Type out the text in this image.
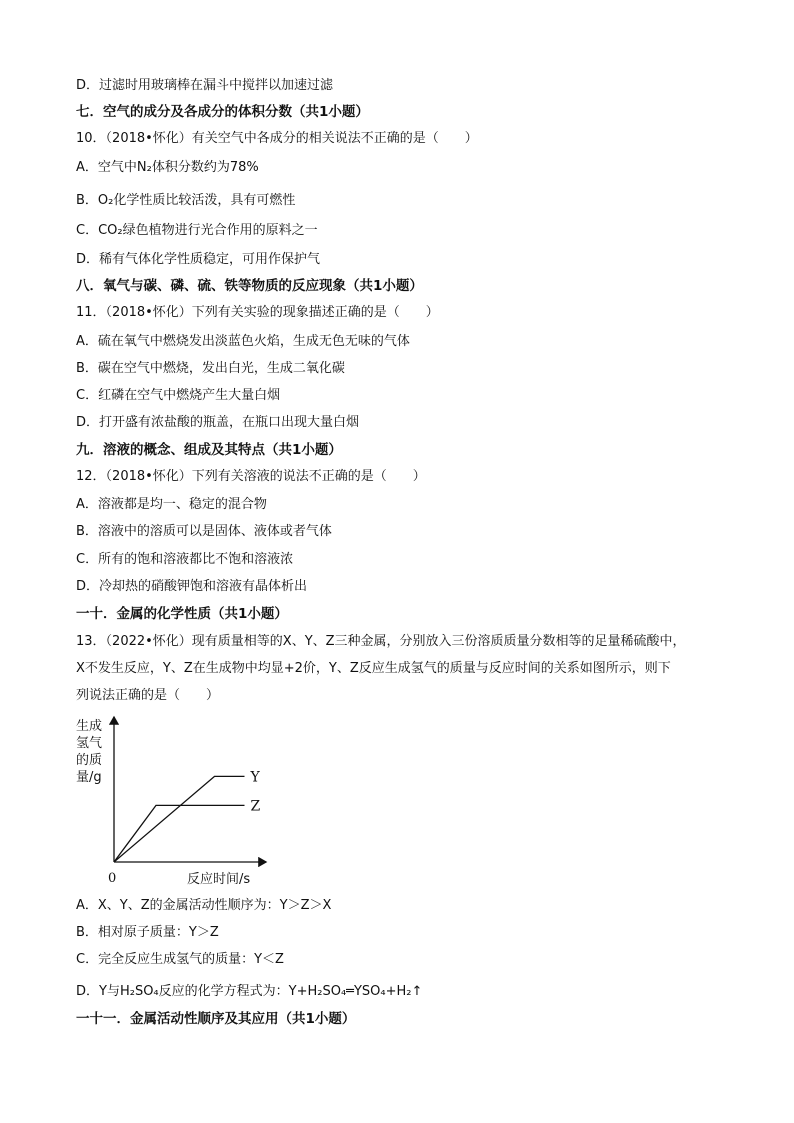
D．过滤时用玻璃棒在漏斗中搅拌以加速过滤
七．空气的成分及各成分的体积分数（共1小题）
10．（2018•怀化）有关空气中各成分的相关说法不正确的是（　　）
A．空气中N₂体积分数约为78%
B．O₂化学性质比较活泼，具有可燃性
C．CO₂绿色植物进行光合作用的原料之一
D．稀有气体化学性质稳定，可用作保护气
八．氧气与碳、磷、硫、铁等物质的反应现象（共1小题）
11．（2018•怀化）下列有关实验的现象描述正确的是（　　）
A．硫在氧气中燃烧发出淡蓝色火焰，生成无色无味的气体
B．碳在空气中燃烧，发出白光，生成二氧化碳
C．红磷在空气中燃烧产生大量白烟
D．打开盛有浓盐酸的瓶盖，在瓶口出现大量白烟
九．溶液的概念、组成及其特点（共1小题）
12．（2018•怀化）下列有关溶液的说法不正确的是（　　）
A．溶液都是均一、稳定的混合物
B．溶液中的溶质可以是固体、液体或者气体
C．所有的饱和溶液都比不饱和溶液浓
D．冷却热的硝酸钾饱和溶液有晶体析出
一十．金属的化学性质（共1小题）
13．（2022•怀化）现有质量相等的X、Y、Z三种金属，分别放入三份溶质质量分数相等的足量稀硫酸中，
X不发生反应，Y、Z在生成物中均显+2价，Y、Z反应生成氢气的质量与反应时间的关系如图所示，则下
列说法正确的是（　　）
生成
氢气
的质
量/g
0	反应时间/s
Y
Z
A．X、Y、Z的金属活动性顺序为：Y＞Z＞X
B．相对原子质量：Y＞Z
C．完全反应生成氢气的质量：Y＜Z
D．Y与H₂SO₄反应的化学方程式为：Y+H₂SO₄═YSO₄+H₂↑
一十一．金属活动性顺序及其应用（共1小题）
